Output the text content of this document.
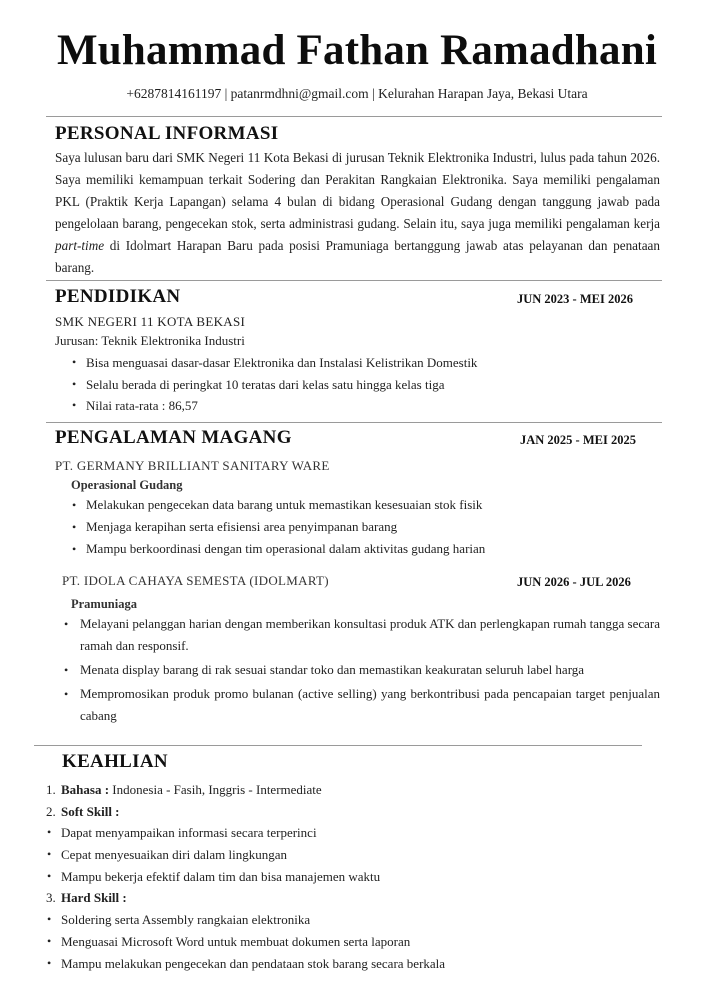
Muhammad Fathan Ramadhani
+6287814161197 | patanrmdhni@gmail.com | Kelurahan Harapan Jaya, Bekasi Utara
PERSONAL INFORMASI
Saya lulusan baru dari SMK Negeri 11 Kota Bekasi di jurusan Teknik Elektronika Industri, lulus pada tahun 2026. Saya memiliki kemampuan terkait Sodering dan Perakitan Rangkaian Elektronika. Saya memiliki pengalaman PKL (Praktik Kerja Lapangan) selama 4 bulan di bidang Operasional Gudang dengan tanggung jawab pada pengelolaan barang, pengecekan stok, serta administrasi gudang. Selain itu, saya juga memiliki pengalaman kerja part-time di Idolmart Harapan Baru pada posisi Pramuniaga bertanggung jawab atas pelayanan dan penataan barang.
PENDIDIKAN	JUN 2023 - MEI 2026
SMK NEGERI 11 KOTA BEKASI
Jurusan: Teknik Elektronika Industri
• Bisa menguasai dasar-dasar Elektronika dan Instalasi Kelistrikan Domestik
• Selalu berada di peringkat 10 teratas dari kelas satu hingga kelas tiga
• Nilai rata-rata : 86,57
PENGALAMAN MAGANG	JAN 2025 - MEI 2025
PT. GERMANY BRILLIANT SANITARY WARE
Operasional Gudang
• Melakukan pengecekan data barang untuk memastikan kesesuaian stok fisik
• Menjaga kerapihan serta efisiensi area penyimpanan barang
• Mampu berkoordinasi dengan tim operasional dalam aktivitas gudang harian
PT. IDOLA CAHAYA SEMESTA (IDOLMART)	JUN 2026 - JUL 2026
Pramuniaga
• Melayani pelanggan harian dengan memberikan konsultasi produk ATK dan perlengkapan rumah tangga secara ramah dan responsif.
• Menata display barang di rak sesuai standar toko dan memastikan keakuratan seluruh label harga
• Mempromosikan produk promo bulanan (active selling) yang berkontribusi pada pencapaian target penjualan cabang
KEAHLIAN
1. Bahasa : Indonesia - Fasih, Inggris - Intermediate
2. Soft Skill :
• Dapat menyampaikan informasi secara terperinci
• Cepat menyesuaikan diri dalam lingkungan
• Mampu bekerja efektif dalam tim dan bisa manajemen waktu
3. Hard Skill :
• Soldering serta Assembly rangkaian elektronika
• Menguasai Microsoft Word untuk membuat dokumen serta laporan
• Mampu melakukan pengecekan dan pendataan stok barang secara berkala
